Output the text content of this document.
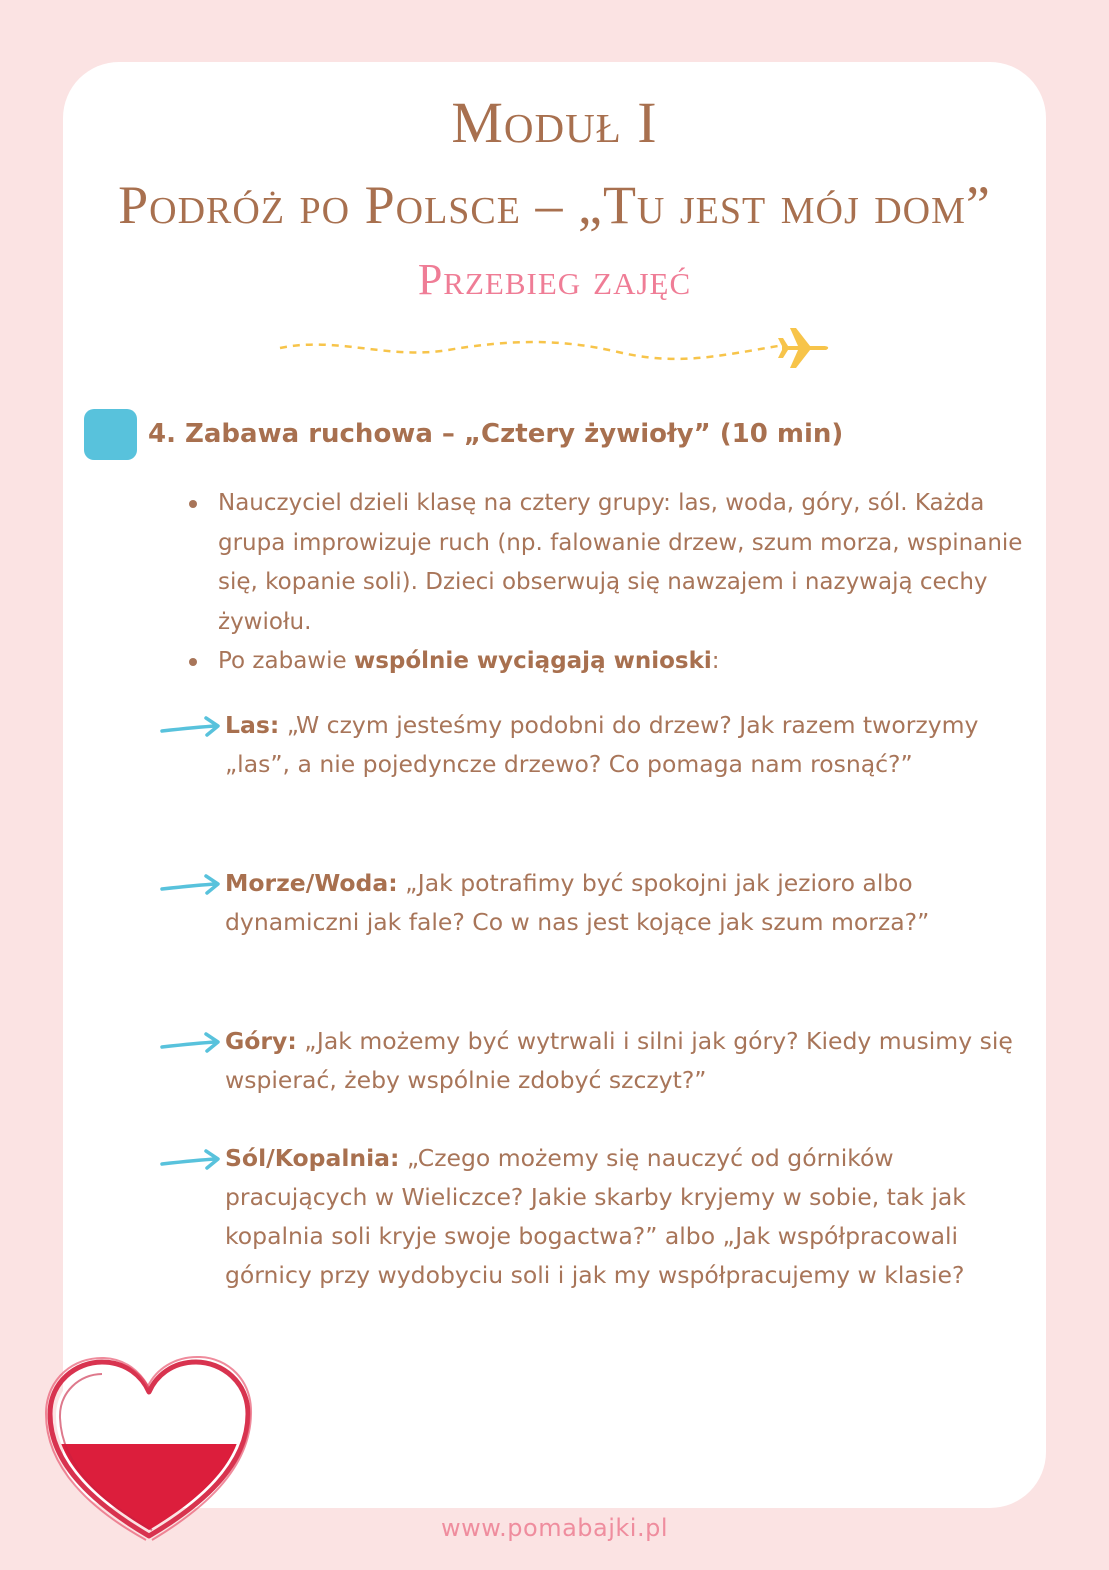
Moduł I
Podróż po Polsce – „Tu jest mój dom”
Przebieg zajęć
4. Zabawa ruchowa – „Cztery żywioły” (10 min)
Nauczyciel dzieli klasę na cztery grupy: las, woda, góry, sól. Każda grupa improwizuje ruch (np. falowanie drzew, szum morza, wspinanie się, kopanie soli). Dzieci obserwują się nawzajem i nazywają cechy żywiołu.
Po zabawie wspólnie wyciągają wnioski:
Las: „W czym jesteśmy podobni do drzew? Jak razem tworzymy „las”, a nie pojedyncze drzewo? Co pomaga nam rosnąć?”
Morze/Woda: „Jak potrafimy być spokojni jak jezioro albo dynamiczni jak fale? Co w nas jest kojące jak szum morza?”
Góry: „Jak możemy być wytrwali i silni jak góry? Kiedy musimy się wspierać, żeby wspólnie zdobyć szczyt?”
Sól/Kopalnia: „Czego możemy się nauczyć od górników pracujących w Wieliczce? Jakie skarby kryjemy w sobie, tak jak kopalnia soli kryje swoje bogactwa?” albo „Jak współpracowali górnicy przy wydobyciu soli i jak my współpracujemy w klasie?
www.pomabajki.pl
